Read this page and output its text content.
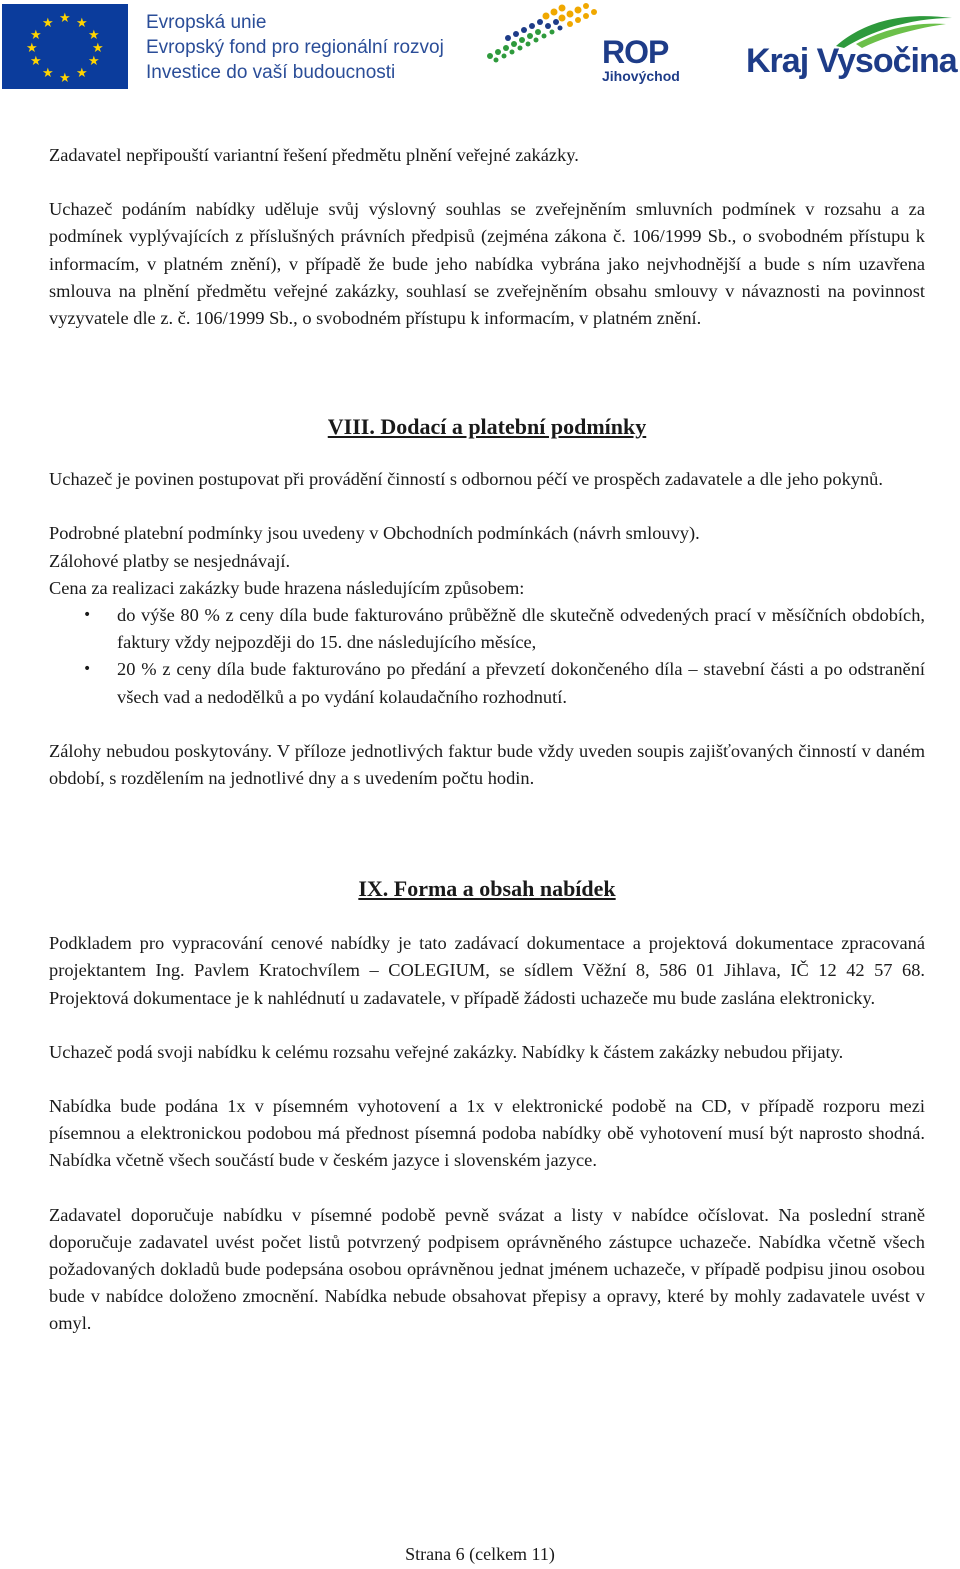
★ ★
★
★
★
★
★
★
★
★
★
★	Evropská unie
Evropský fond pro regionální rozvoj
Investice do vaší budoucnosti
ROP
Jihovýchod Kraj Vysočina

Zadavatel nepřipouští variantní řešení předmětu plnění veřejné zakázky.

Uchazeč podáním nabídky uděluje svůj výslovný souhlas se zveřejněním smluvních podmínek v rozsahu a za podmínek vyplývajících z příslušných právních předpisů (zejména zákona č. 106/1999 Sb., o svobodném přístupu k informacím, v platném znění), v případě že bude jeho nabídka vybrána jako nejvhodnější a bude s ním uzavřena smlouva na plnění předmětu veřejné zakázky, souhlasí se zveřejněním obsahu smlouvy v návaznosti na povinnost vyzyvatele dle z. č. 106/1999 Sb., o svobodném přístupu k informacím, v platném znění.

VIII. Dodací a platební podmínky

Uchazeč je povinen postupovat při provádění činností s odbornou péčí ve prospěch zadavatele a dle jeho pokynů.

Podrobné platební podmínky jsou uvedeny v Obchodních podmínkách (návrh smlouvy).

Zálohové platby se nesjednávají.

Cena za realizaci zakázky bude hrazena následujícím způsobem:

• do výše 80 % z ceny díla bude fakturováno průběžně dle skutečně odvedených prací v měsíčních obdobích, faktury vždy nejpozději do 15. dne následujícího měsíce,
• 20 % z ceny díla bude fakturováno po předání a převzetí dokončeného díla – stavební části a po odstranění všech vad a nedodělků a po vydání kolaudačního rozhodnutí.

Zálohy nebudou poskytovány. V příloze jednotlivých faktur bude vždy uveden soupis zajišťovaných činností v daném období, s rozdělením na jednotlivé dny a s uvedením počtu hodin.

IX. Forma a obsah nabídek

Podkladem pro vypracování cenové nabídky je tato zadávací dokumentace a projektová dokumentace zpracovaná projektantem Ing. Pavlem Kratochvílem – COLEGIUM, se sídlem Věžní 8, 586 01 Jihlava, IČ 12 42 57 68. Projektová dokumentace je k nahlédnutí u zadavatele, v případě žádosti uchazeče mu bude zaslána elektronicky.

Uchazeč podá svoji nabídku k celému rozsahu veřejné zakázky. Nabídky k částem zakázky nebudou přijaty.

Nabídka bude podána 1x v písemném vyhotovení a 1x v elektronické podobě na CD, v případě rozporu mezi písemnou a elektronickou podobou má přednost písemná podoba nabídky obě vyhotovení musí být naprosto shodná. Nabídka včetně všech součástí bude v českém jazyce i slovenském jazyce.

Zadavatel doporučuje nabídku v písemné podobě pevně svázat a listy v nabídce očíslovat. Na poslední straně doporučuje zadavatel uvést počet listů potvrzený podpisem oprávněného zástupce uchazeče. Nabídka včetně všech požadovaných dokladů bude podepsána osobou oprávněnou jednat jménem uchazeče, v případě podpisu jinou osobou bude v nabídce doloženo zmocnění. Nabídka nebude obsahovat přepisy a opravy, které by mohly zadavatele uvést v omyl.

Strana 6 (celkem 11)
